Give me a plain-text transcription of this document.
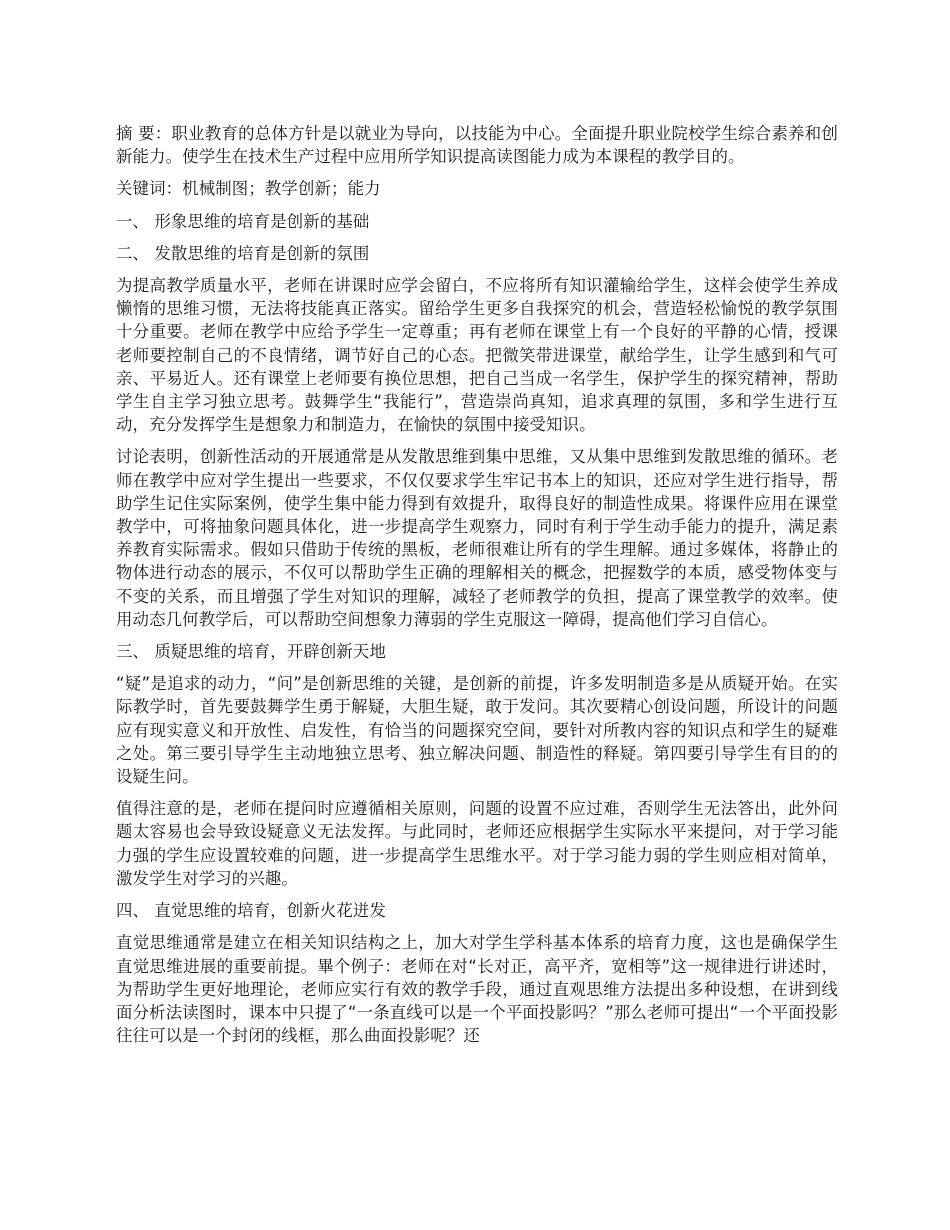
摘 要：职业教育的总体方针是以就业为导向，以技能为中心。全面提升职业院校学生综合素养和创新能力。使学生在技术生产过程中应用所学知识提高读图能力成为本课程的教学目的。

关键词：机械制图；教学创新；能力

一、 形象思维的培育是创新的基础

二、 发散思维的培育是创新的氛围

为提高教学质量水平，老师在讲课时应学会留白，不应将所有知识灌输给学生，这样会使学生养成懒惰的思维习惯，无法将技能真正落实。留给学生更多自我探究的机会，营造轻松愉悦的教学氛围十分重要。老师在教学中应给予学生一定尊重；再有老师在课堂上有一个良好的平静的心情，授课老师要控制自己的不良情绪，调节好自己的心态。把微笑带进课堂，献给学生，让学生感到和气可亲、平易近人。还有课堂上老师要有换位思想，把自己当成一名学生，保护学生的探究精神，帮助学生自主学习独立思考。鼓舞学生“我能行”，营造崇尚真知，追求真理的氛围，多和学生进行互动，充分发挥学生是想象力和制造力，在愉快的氛围中接受知识。

讨论表明，创新性活动的开展通常是从发散思维到集中思维，又从集中思维到发散思维的循环。老师在教学中应对学生提出一些要求，不仅仅要求学生牢记书本上的知识，还应对学生进行指导，帮助学生记住实际案例，使学生集中能力得到有效提升，取得良好的制造性成果。将课件应用在课堂教学中，可将抽象问题具体化，进一步提高学生观察力，同时有利于学生动手能力的提升，满足素养教育实际需求。假如只借助于传统的黑板，老师很难让所有的学生理解。通过多媒体，将静止的物体进行动态的展示，不仅可以帮助学生正确的理解相关的概念，把握数学的本质，感受物体变与不变的关系，而且增强了学生对知识的理解，减轻了老师教学的负担，提高了课堂教学的效率。使用动态几何教学后，可以帮助空间想象力薄弱的学生克服这一障碍，提高他们学习自信心。

三、 质疑思维的培育，开辟创新天地

“疑”是追求的动力，“问”是创新思维的关键，是创新的前提，许多发明制造多是从质疑开始。在实际教学时，首先要鼓舞学生勇于解疑，大胆生疑，敢于发问。其次要精心创设问题，所设计的问题应有现实意义和开放性、启发性，有恰当的问题探究空间，要针对所教内容的知识点和学生的疑难之处。第三要引导学生主动地独立思考、独立解决问题、制造性的释疑。第四要引导学生有目的的设疑生问。

值得注意的是，老师在提问时应遵循相关原则，问题的设置不应过难，否则学生无法答出，此外问题太容易也会导致设疑意义无法发挥。与此同时，老师还应根据学生实际水平来提问，对于学习能力强的学生应设置较难的问题，进一步提高学生思维水平。对于学习能力弱的学生则应相对简单，激发学生对学习的兴趣。

四、 直觉思维的培育，创新火花迸发

直觉思维通常是建立在相关知识结构之上，加大对学生学科基本体系的培育力度，这也是确保学生直觉思维进展的重要前提。畢个例子：老师在对“长对正，高平齐，宽相等”这一规律进行讲述时，为帮助学生更好地理论，老师应实行有效的教学手段，通过直观思维方法提出多种设想，在讲到线面分析法读图时，课本中只提了“一条直线可以是一个平面投影吗？”那么老师可提出“一个平面投影往往可以是一个封闭的线框，那么曲面投影呢？还
